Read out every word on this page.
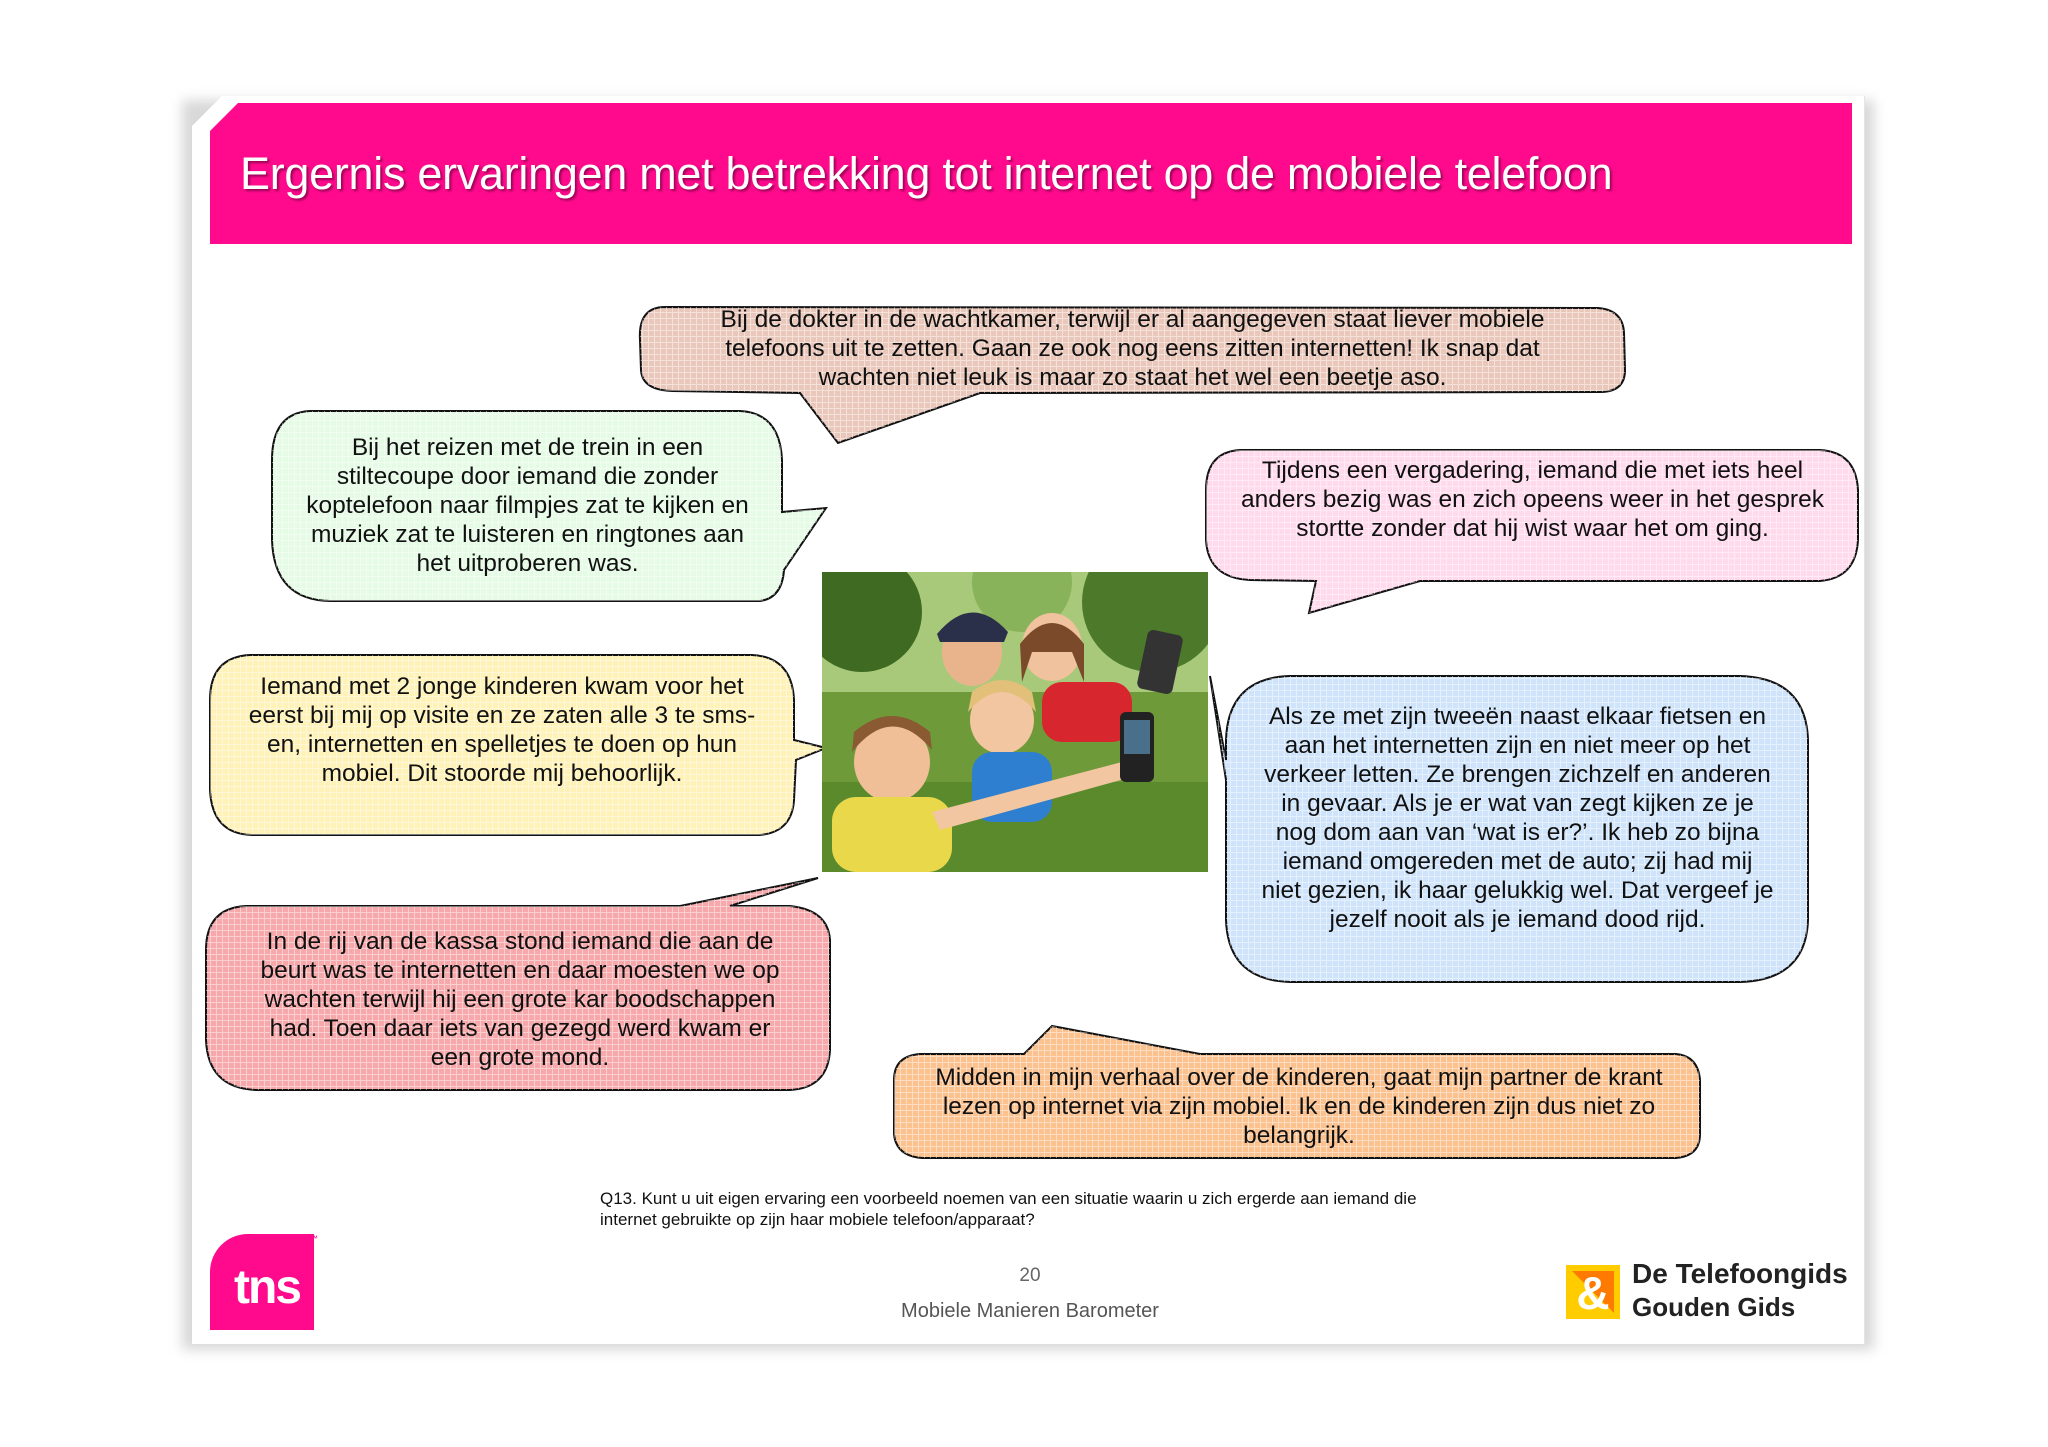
Ergernis ervaringen met betrekking tot internet op de mobiele telefoon
Bij de dokter in de wachtkamer, terwijl er al aangegeven staat liever mobiele telefoons uit te zetten. Gaan ze ook nog eens zitten internetten! Ik snap dat wachten niet leuk is maar zo staat het wel een beetje aso.
Bij het reizen met de trein in een stiltecoupe door iemand die zonder koptelefoon naar filmpjes zat te kijken en muziek zat te luisteren en ringtones aan het uitproberen was.
Tijdens een vergadering, iemand die met iets heel anders bezig was en zich opeens weer in het gesprek stortte zonder dat hij wist waar het om ging.
Iemand met 2 jonge kinderen kwam voor het eerst bij mij op visite en ze zaten alle 3 te sms-en, internetten en spelletjes te doen op hun mobiel. Dit stoorde mij behoorlijk.
Als ze met zijn tweeën naast elkaar fietsen en aan het internetten zijn en niet meer op het verkeer letten. Ze brengen zichzelf en anderen in gevaar. Als je er wat van zegt kijken ze je nog dom aan van ‘wat is er?’. Ik heb zo bijna iemand omgereden met de auto; zij had mij niet gezien, ik haar gelukkig wel. Dat vergeef je jezelf nooit als je iemand dood rijd.
In de rij van de kassa stond iemand die aan de beurt was te internetten en daar moesten we op wachten terwijl hij een grote kar boodschappen had. Toen daar iets van gezegd werd kwam er een grote mond.
Midden in mijn verhaal over de kinderen, gaat mijn partner de krant lezen op internet via zijn mobiel. Ik en de kinderen zijn dus niet zo belangrijk.
Q13. Kunt u uit eigen ervaring een voorbeeld noemen van een situatie waarin u zich ergerde aan iemand die internet gebruikte op zijn haar mobiele telefoon/apparaat?
20
Mobiele Manieren Barometer
tns
™
& De Telefoongids
Gouden Gids
